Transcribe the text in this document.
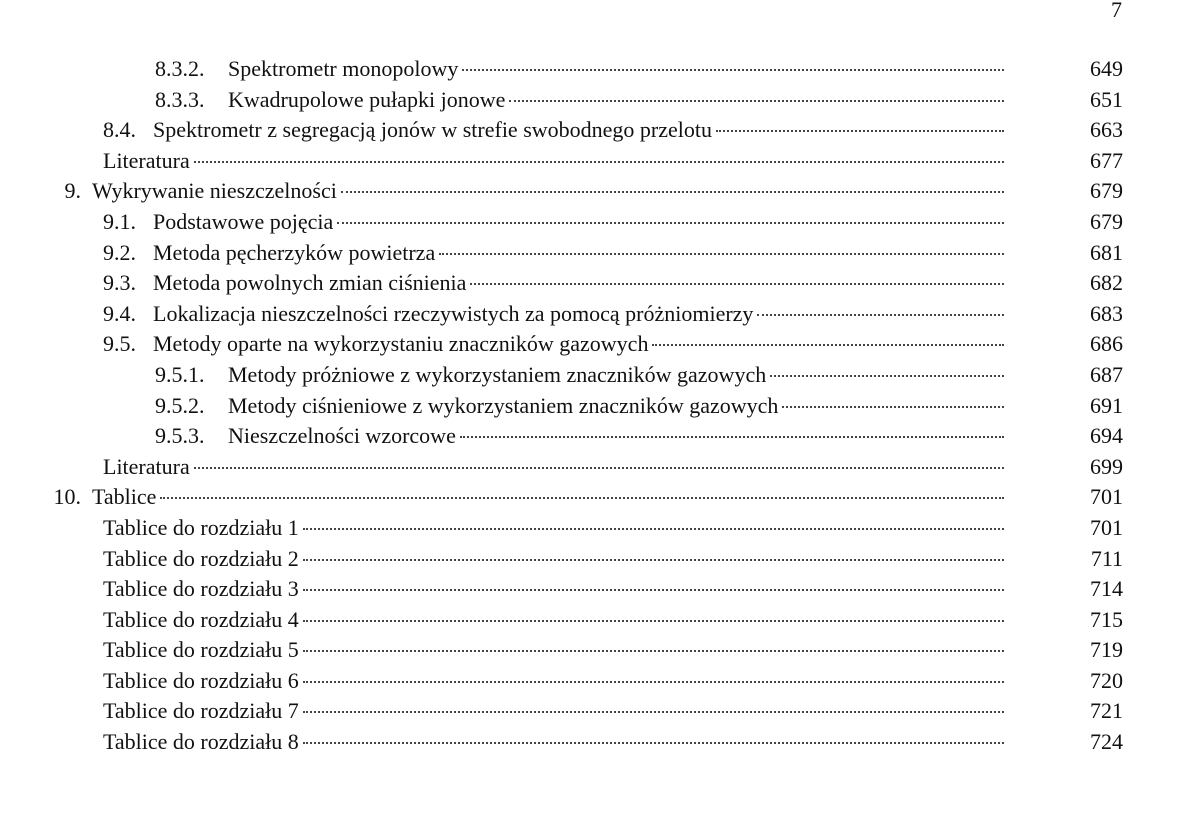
7
8.3.2.	Spektrometr monopolowy	649
8.3.3.	Kwadrupolowe pułapki jonowe	651
8.4. Spektrometr z segregacją jonów w strefie swobodnego przelotu	663
Literatura	677
9. Wykrywanie nieszczelności	679
9.1. Podstawowe pojęcia	679
9.2. Metoda pęcherzyków powietrza	681
9.3. Metoda powolnych zmian ciśnienia	682
9.4. Lokalizacja nieszczelności rzeczywistych za pomocą próżniomierzy	683
9.5. Metody oparte na wykorzystaniu znaczników gazowych	686
9.5.1.	Metody próżniowe z wykorzystaniem znaczników gazowych	687
9.5.2.	Metody ciśnieniowe z wykorzystaniem znaczników gazowych	691
9.5.3.	Nieszczelności wzorcowe	694
Literatura	699
10. Tablice	701
Tablice do rozdziału 1	701
Tablice do rozdziału 2	711
Tablice do rozdziału 3	714
Tablice do rozdziału 4	715
Tablice do rozdziału 5	719
Tablice do rozdziału 6	720
Tablice do rozdziału 7	721
Tablice do rozdziału 8	724
